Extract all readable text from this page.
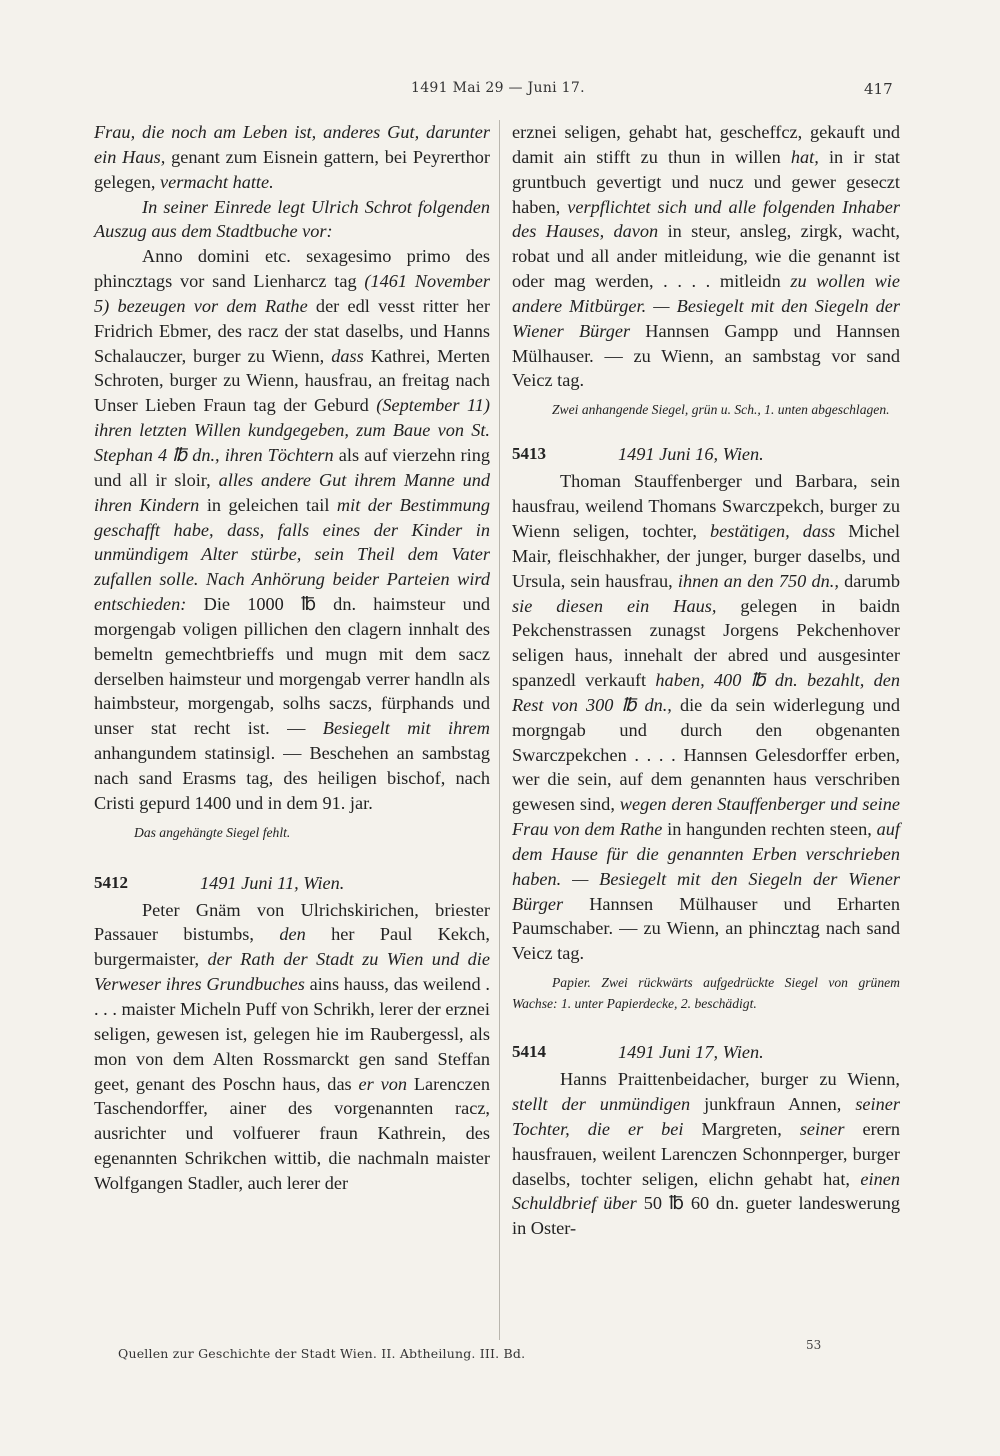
1491 Mai 29 — Juni 17.	417

Frau, die noch am Leben ist, anderes Gut, darunter ein Haus, genant zum Eisnein gattern, bei Peyrerthor gelegen, vermacht hatte.

In seiner Einrede legt Ulrich Schrot folgenden Auszug aus dem Stadtbuche vor:

Anno domini etc. sexagesimo primo des phincztags vor sand Lienharcz tag (1461 November 5) bezeugen vor dem Rathe der edl vesst ritter her Fridrich Ebmer, des racz der stat daselbs, und Hanns Schalauczer, burger zu Wienn, dass Kathrei, Merten Schroten, burger zu Wienn, hausfrau, an freitag nach Unser Lieben Fraun tag der Geburd (September 11) ihren letzten Willen kundgegeben, zum Baue von St. Stephan 4 ℔ dn., ihren Töchtern als auf vierzehn ring und all ir sloir, alles andere Gut ihrem Manne und ihren Kindern in geleichen tail mit der Bestimmung geschafft habe, dass, falls eines der Kinder in unmündigem Alter stürbe, sein Theil dem Vater zufallen solle. Nach Anhörung beider Parteien wird entschieden: Die 1000 ℔ dn. haimsteur und morgengab voligen pillichen den clagern innhalt des bemeltn gemechtbrieffs und mugn mit dem sacz derselben haimsteur und morgengab verrer handln als haimbsteur, morgengab, solhs saczs, fürphands und unser stat recht ist. — Besiegelt mit ihrem anhangundem statinsigl. — Beschehen an sambstag nach sand Erasms tag, des heiligen bischof, nach Cristi gepurd 1400 und in dem 91. jar.

Das angehängte Siegel fehlt.

5412	1491 Juni 11, Wien.

Peter Gnäm von Ulrichskirichen, briester Passauer bistumbs, den her Paul Kekch, burgermaister, der Rath der Stadt zu Wien und die Verweser ihres Grundbuches ains hauss, das weilend . . . . maister Micheln Puff von Schrikh, lerer der erznei seligen, gewesen ist, gelegen hie im Raubergessl, als mon von dem Alten Rossmarckt gen sand Steffan geet, genant des Poschn haus, das er von Larenczen Taschendorffer, ainer des vorgenannten racz, ausrichter und volfuerer fraun Kathrein, des egenannten Schrikchen wittib, die nachmaln maister Wolfgangen Stadler, auch lerer der

erznei seligen, gehabt hat, gescheffcz, gekauft und damit ain stifft zu thun in willen hat, in ir stat gruntbuch gevertigt und nucz und gewer geseczt haben, verpflichtet sich und alle folgenden Inhaber des Hauses, davon in steur, ansleg, zirgk, wacht, robat und all ander mitleidung, wie die genannt ist oder mag werden, . . . . mitleidn zu wollen wie andere Mitbürger. — Besiegelt mit den Siegeln der Wiener Bürger Hannsen Gampp und Hannsen Mülhauser. — zu Wienn, an sambstag vor sand Veicz tag.

Zwei anhangende Siegel, grün u. Sch., 1. unten abgeschlagen.

5413	1491 Juni 16, Wien.

Thoman Stauffenberger und Barbara, sein hausfrau, weilend Thomans Swarczpekch, burger zu Wienn seligen, tochter, bestätigen, dass Michel Mair, fleischhakher, der junger, burger daselbs, und Ursula, sein hausfrau, ihnen an den 750 dn., darumb sie diesen ein Haus, gelegen in baidn Pekchenstrassen zunagst Jorgens Pekchenhover seligen haus, innehalt der abred und ausgesinter spanzedl verkauft haben, 400 ℔ dn. bezahlt, den Rest von 300 ℔ dn., die da sein widerlegung und morgngab und durch den obgenanten Swarczpekchen . . . . Hannsen Gelesdorffer erben, wer die sein, auf dem genannten haus verschriben gewesen sind, wegen deren Stauffenberger und seine Frau von dem Rathe in hangunden rechten steen, auf dem Hause für die genannten Erben verschrieben haben. — Besiegelt mit den Siegeln der Wiener Bürger Hannsen Mülhauser und Erharten Paumschaber. — zu Wienn, an phincztag nach sand Veicz tag.

Papier. Zwei rückwärts aufgedrückte Siegel von grünem Wachse: 1. unter Papierdecke, 2. beschädigt.

5414	1491 Juni 17, Wien.

Hanns Praittenbeidacher, burger zu Wienn, stellt der unmündigen junkfraun Annen, seiner Tochter, die er bei Margreten, seiner erern hausfrauen, weilent Larenczen Schonnperger, burger daselbs, tochter seligen, elichn gehabt hat, einen Schuldbrief über 50 ℔ 60 dn. gueter landeswerung in Oster-

Quellen zur Geschichte der Stadt Wien. II. Abtheilung. III. Bd.
53
